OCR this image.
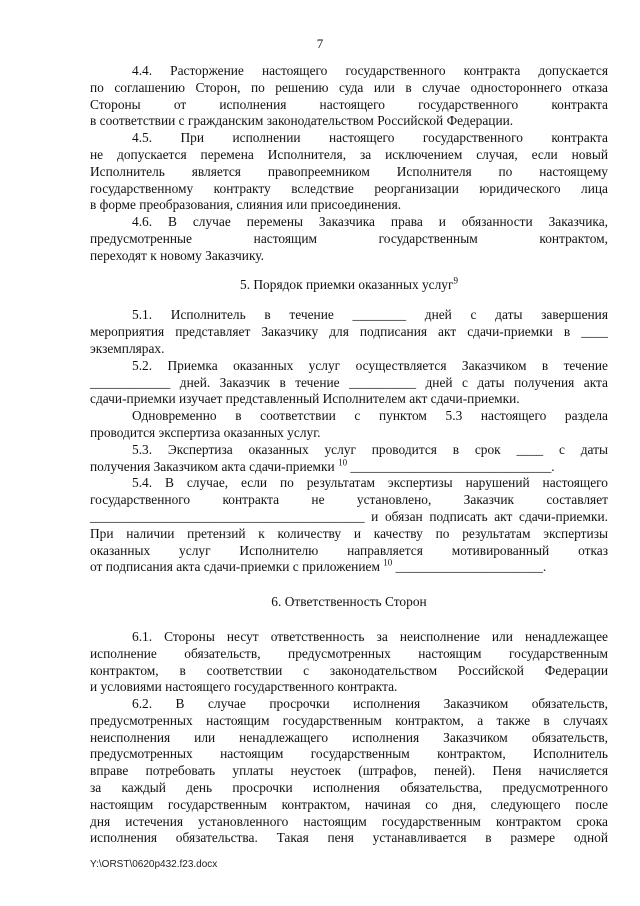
7

4.4. Расторжение настоящего государственного контракта допускается

по соглашению Сторон, по решению суда или в случае одностороннего отказа

Стороны от исполнения настоящего государственного контракта

в соответствии с гражданским законодательством Российской Федерации.

4.5. При исполнении настоящего государственного контракта

не допускается перемена Исполнителя, за исключением случая, если новый

Исполнитель является правопреемником Исполнителя по настоящему

государственному контракту вследствие реорганизации юридического лица

в форме преобразования, слияния или присоединения.

4.6. В случае перемены Заказчика права и обязанности Заказчика,

предусмотренные настоящим государственным контрактом,

переходят к новому Заказчику.

5. Порядок приемки оказанных услуг$^9$

5.1. Исполнитель в течение ________ дней с даты завершения

мероприятия представляет Заказчику для подписания акт сдачи-приемки в ____

экземплярах.

5.2. Приемка оказанных услуг осуществляется Заказчиком в течение

____________ дней. Заказчик в течение __________ дней с даты получения акта

сдачи-приемки изучает представленный Исполнителем акт сдачи-приемки.

Одновременно в соответствии с пунктом 5.3 настоящего раздела

проводится экспертиза оказанных услуг.

5.3. Экспертиза оказанных услуг проводится в срок ____ с даты

получения Заказчиком акта сдачи-приемки $^{10}$ ______________________________.

5.4. В случае, если по результатам экспертизы нарушений настоящего

государственного контракта не установлено, Заказчик составляет

_________________________________________ и обязан подписать акт сдачи-приемки.

При наличии претензий к количеству и качеству по результатам экспертизы

оказанных услуг Исполнителю направляется мотивированный отказ

от подписания акта сдачи-приемки с приложением $^{10}$ ______________________.

6. Ответственность Сторон

6.1. Стороны несут ответственность за неисполнение или ненадлежащее

исполнение обязательств, предусмотренных настоящим государственным

контрактом, в соответствии с законодательством Российской Федерации

и условиями настоящего государственного контракта.

6.2. В случае просрочки исполнения Заказчиком обязательств,

предусмотренных настоящим государственным контрактом, а также в случаях

неисполнения или ненадлежащего исполнения Заказчиком обязательств,

предусмотренных настоящим государственным контрактом, Исполнитель

вправе потребовать уплаты неустоек (штрафов, пеней). Пеня начисляется

за каждый день просрочки исполнения обязательства, предусмотренного

настоящим государственным контрактом, начиная со дня, следующего после

дня истечения установленного настоящим государственным контрактом срока

исполнения обязательства. Такая пеня устанавливается в размере одной

Y:\ORST\0620p432.f23.docx
